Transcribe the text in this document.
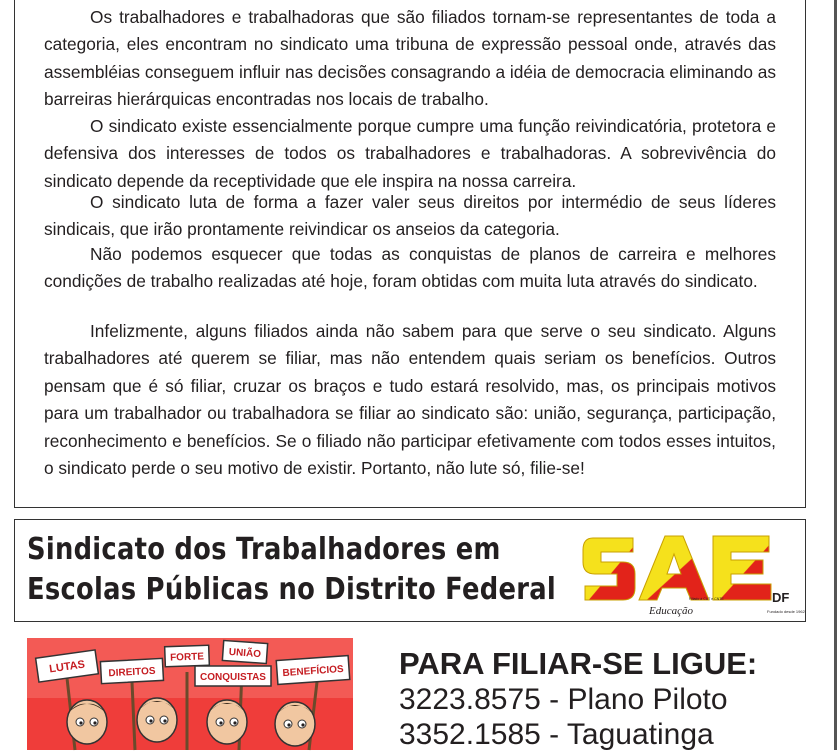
Os trabalhadores e trabalhadoras que são filiados tornam-se representantes de toda a categoria, eles encontram no sindicato uma tribuna de expressão pessoal onde, através das assembléias conseguem influir nas decisões consagrando a idéia de democracia eliminando as barreiras hierárquicas encontradas nos locais de trabalho.

O sindicato existe essencialmente porque cumpre uma função reivindicatória, protetora e defensiva dos interesses de todos os trabalhadores e trabalhadoras. A sobrevivência do sindicato depende da receptividade que ele inspira na nossa carreira.

O sindicato luta de forma a fazer valer seus direitos por intermédio de seus líderes sindicais, que irão prontamente reivindicar os anseios da categoria.

Não podemos esquecer que todas as conquistas de planos de carreira e melhores condições de trabalho realizadas até hoje, foram obtidas com muita luta através do sindicato.

Infelizmente, alguns filiados ainda não sabem para que serve o seu sindicato. Alguns trabalhadores até querem se filiar, mas não entendem quais seriam os benefícios. Outros pensam que é só filiar, cruzar os braços e tudo estará resolvido, mas, os principais motivos para um trabalhador ou trabalhadora se filiar ao sindicato são: união, segurança, participação, reconhecimento e benefícios. Se o filiado não participar efetivamente com todos esses intuitos, o sindicato perde o seu motivo de existir. Portanto, não lute só, filie-se!

Sindicato dos Trabalhadores em
Escolas Públicas no Distrito Federal	DF
Educação
Filiado à CUT e CNTE
Fundado desde 1962
LUTAS DIREITOS
FORTE UNIÃO
CONQUISTAS BENEFÍCIOS PARA FILIAR-SE LIGUE:
3223.8575 - Plano Piloto
3352.1585 - Taguatinga
